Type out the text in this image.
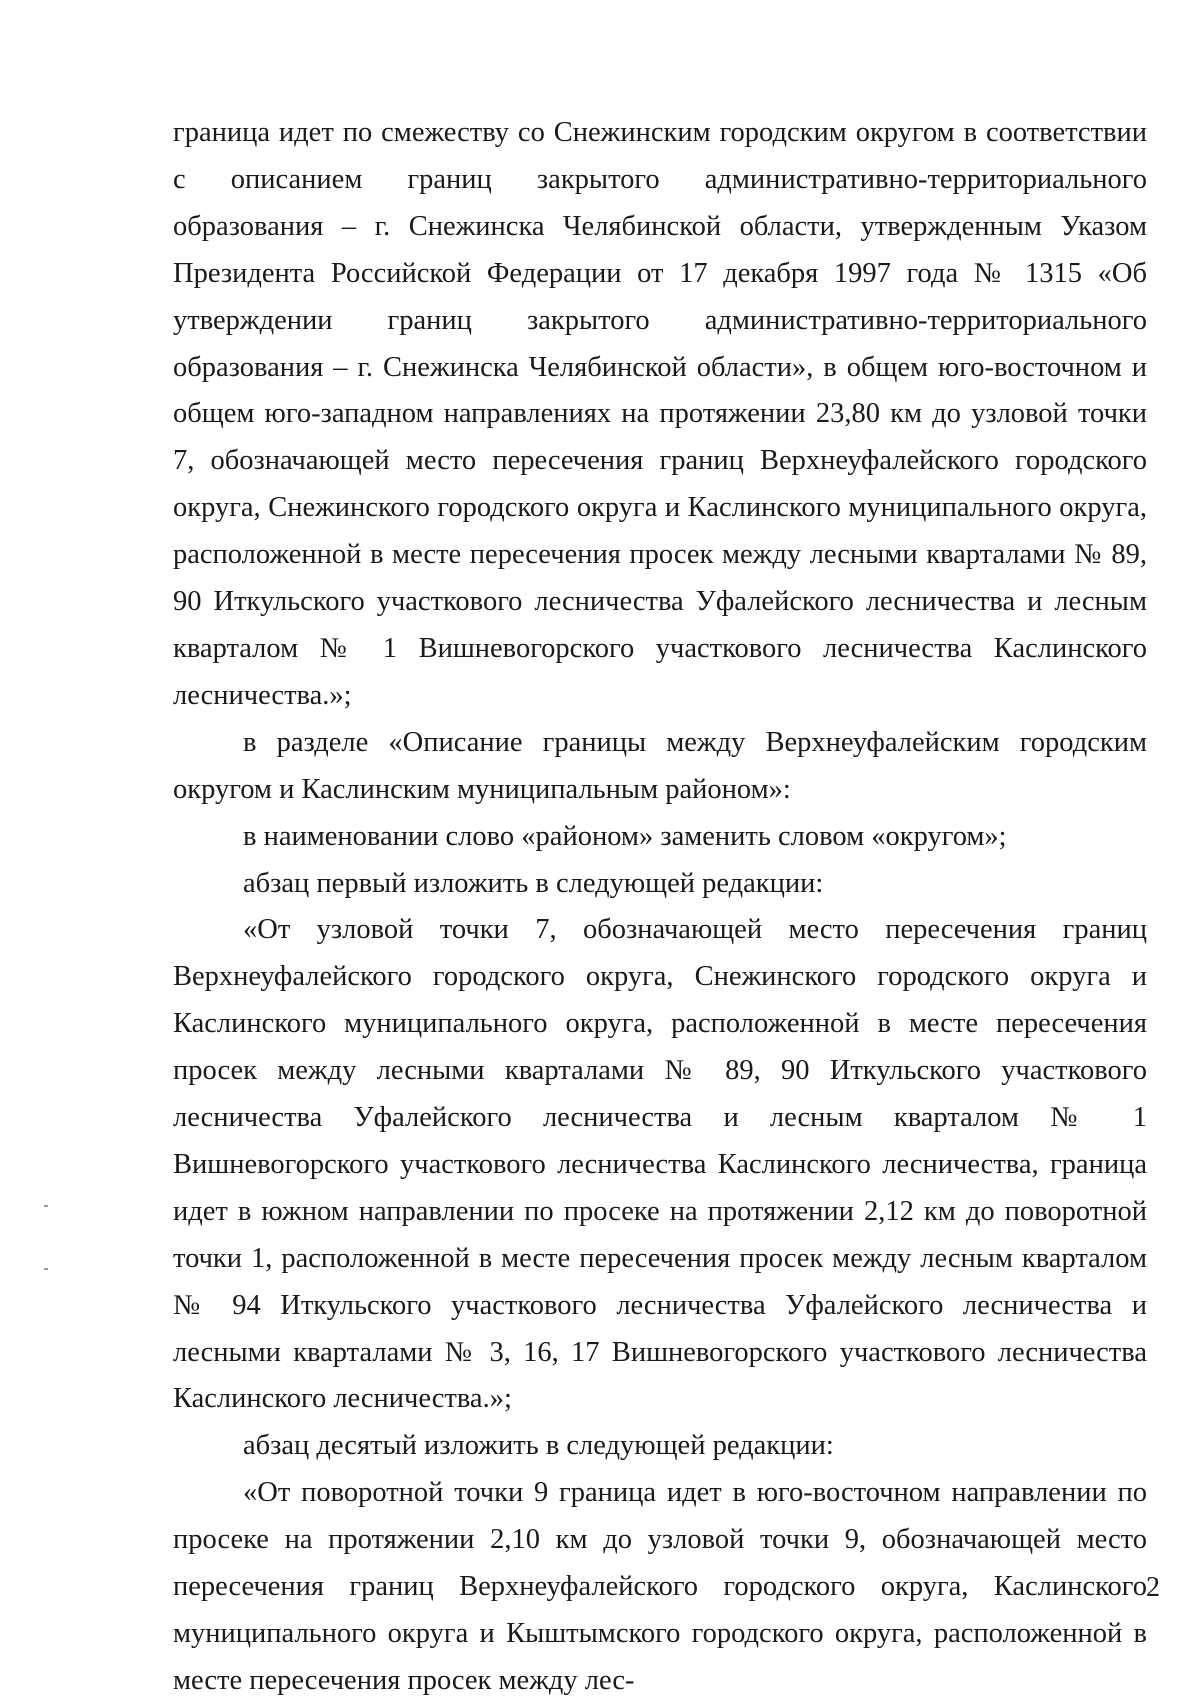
граница идет по смежеству со Снежинским городским округом в соответствии с описанием границ закрытого административно-территориального образования – г. Снежинска Челябинской области, утвержденным Указом Президента Российской Федерации от 17 декабря 1997 года № 1315 «Об утверждении границ закрытого административно-территориального образования – г. Снежинска Челябинской области», в общем юго-восточном и общем юго-западном направлениях на протяжении 23,80 км до узловой точки 7, обозначающей место пересечения границ Верхнеуфалейского городского округа, Снежинского городского округа и Каслинского муниципального округа, расположенной в месте пересечения просек между лесными кварталами № 89, 90 Иткульского участкового лесничества Уфалейского лесничества и лесным кварталом № 1 Вишневогорского участкового лесничества Каслинского лесничества.»;

в разделе «Описание границы между Верхнеуфалейским городским округом и Каслинским муниципальным районом»:

в наименовании слово «районом» заменить словом «округом»;

абзац первый изложить в следующей редакции:

«От узловой точки 7, обозначающей место пересечения границ Верхнеуфалейского городского округа, Снежинского городского округа и Каслинского муниципального округа, расположенной в месте пересечения просек между лесными кварталами № 89, 90 Иткульского участкового лесничества Уфалейского лесничества и лесным кварталом № 1 Вишневогорского участкового лесничества Каслинского лесничества, граница идет в южном направлении по просеке на протяжении 2,12 км до поворотной точки 1, расположенной в месте пересечения просек между лесным кварталом № 94 Иткульского участкового лесничества Уфалейского лесничества и лесными кварталами № 3, 16, 17 Вишневогорского участкового лесничества Каслинского лесничества.»;

абзац десятый изложить в следующей редакции:

«От поворотной точки 9 граница идет в юго-восточном направлении по просеке на протяжении 2,10 км до узловой точки 9, обозначающей место пересечения границ Верхнеуфалейского городского округа, Каслинского муниципального округа и Кыштымского городского округа, расположенной в месте пересечения просек между лес-

2
